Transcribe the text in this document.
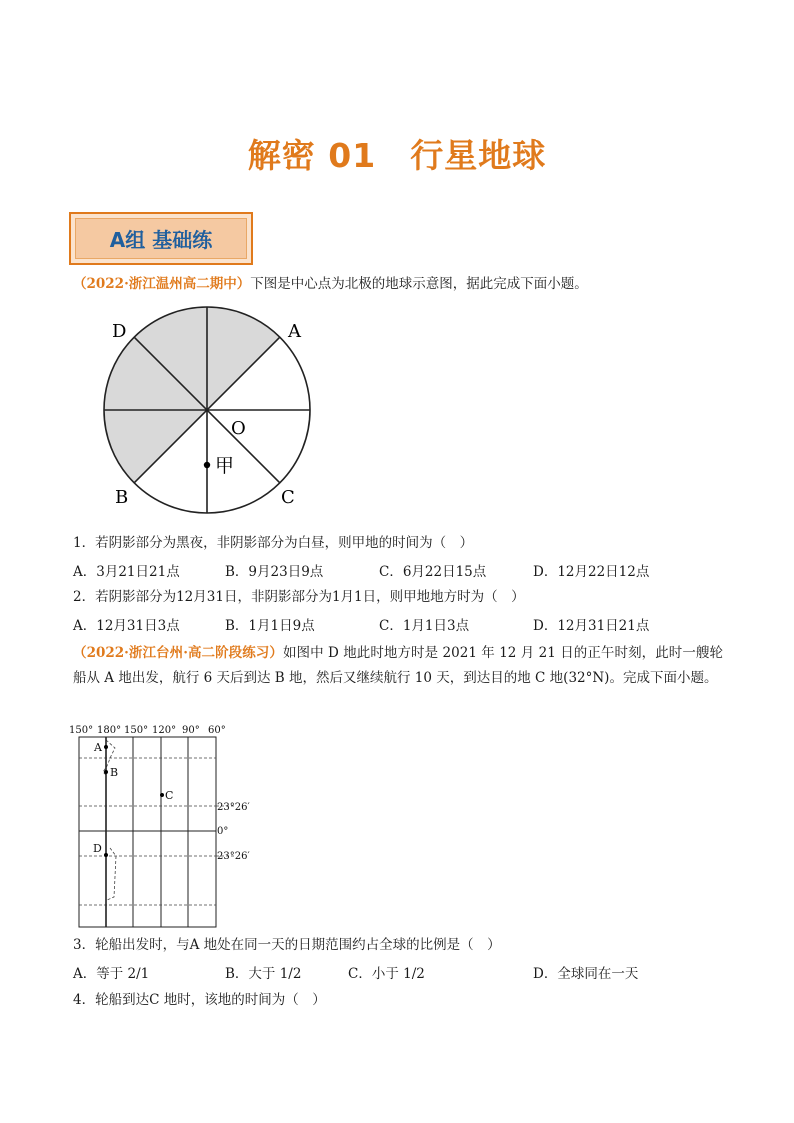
解密 01　行星地球
A组 基础练
（2022·浙江温州高二期中）下图是中心点为北极的地球示意图，据此完成下面小题。
甲
O
A
D
B	C
1．若阴影部分为黑夜，非阴影部分为白昼，则甲地的时间为（　）
A．3月21日21点	B．9月23日9点	C．6月22日15点	D．12月22日12点
2．若阴影部分为12月31日，非阴影部分为1月1日，则甲地地方时为（　）
A．12月31日3点	B．1月1日9点	C．1月1日3点	D．12月31日21点
（2022·浙江台州·高二阶段练习）如图中 D 地此时地方时是 2021 年 12 月 21 日的正午时刻，此时一艘轮船从 A 地出发，航行 6 天后到达 B 地，然后又继续航行 10 天，到达目的地 C 地(32°N)。完成下面小题。
150° 180° 150° 120° 90° 60°
A
B
C
D
23°26′
0°
23°26′
3．轮船出发时，与A 地处在同一天的日期范围约占全球的比例是（　）
A．等于 2/1	B．大于 1/2	C．小于 1/2	D．全球同在一天
4．轮船到达C 地时，该地的时间为（　）
